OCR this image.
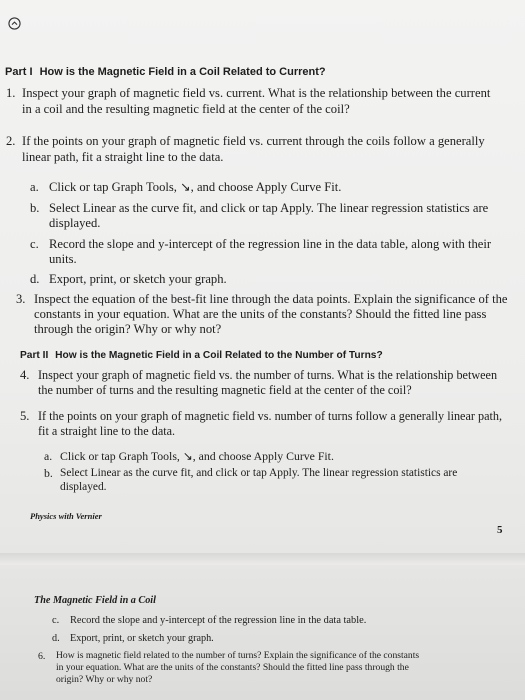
Part I How is the Magnetic Field in a Coil Related to Current?
1. Inspect your graph of magnetic field vs. current. What is the relationship between the current
in a coil and the resulting magnetic field at the center of the coil?
2. If the points on your graph of magnetic field vs. current through the coils follow a generally
linear path, fit a straight line to the data.
a. Click or tap Graph Tools, ↘, and choose Apply Curve Fit.
b. Select Linear as the curve fit, and click or tap Apply. The linear regression statistics are
displayed.
c. Record the slope and y-intercept of the regression line in the data table, along with their
units.
d. Export, print, or sketch your graph.
3. Inspect the equation of the best-fit line through the data points. Explain the significance of the
constants in your equation. What are the units of the constants? Should the fitted line pass
through the origin? Why or why not?
Part II How is the Magnetic Field in a Coil Related to the Number of Turns?
4. Inspect your graph of magnetic field vs. the number of turns. What is the relationship between
the number of turns and the resulting magnetic field at the center of the coil?
5. If the points on your graph of magnetic field vs. number of turns follow a generally linear path,
fit a straight line to the data.
a. Click or tap Graph Tools, ↘, and choose Apply Curve Fit.
b. Select Linear as the curve fit, and click or tap Apply. The linear regression statistics are
displayed.
Physics with Vernier
5
The Magnetic Field in a Coil
c. Record the slope and y-intercept of the regression line in the data table.
d. Export, print, or sketch your graph.
6. How is magnetic field related to the number of turns? Explain the significance of the constants
in your equation. What are the units of the constants? Should the fitted line pass through the
origin? Why or why not?
